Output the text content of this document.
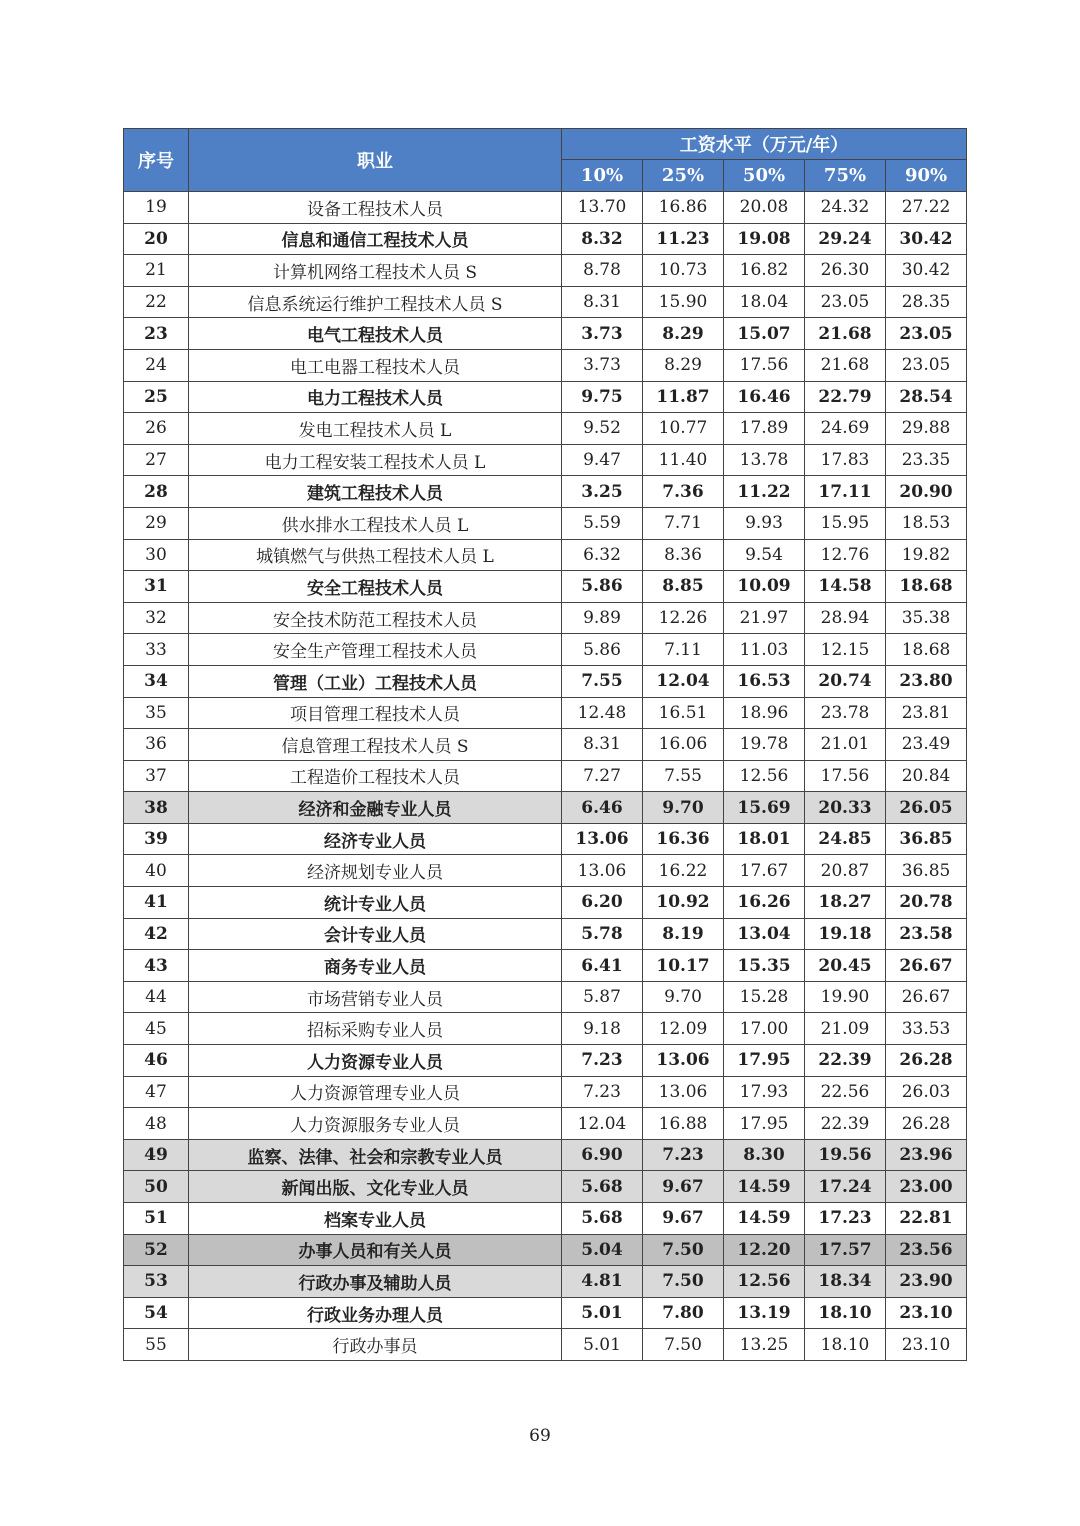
序号	职业	工资水平（万元/年）				
		10%	25%	50%	75%	90%
19	设备工程技术人员	13.70	16.86	20.08	24.32	27.22
20	信息和通信工程技术人员	8.32	11.23	19.08	29.24	30.42
21	计算机网络工程技术人员 S	8.78	10.73	16.82	26.30	30.42
22	信息系统运行维护工程技术人员 S	8.31	15.90	18.04	23.05	28.35
23	电气工程技术人员	3.73	8.29	15.07	21.68	23.05
24	电工电器工程技术人员	3.73	8.29	17.56	21.68	23.05
25	电力工程技术人员	9.75	11.87	16.46	22.79	28.54
26	发电工程技术人员 L	9.52	10.77	17.89	24.69	29.88
27	电力工程安装工程技术人员 L	9.47	11.40	13.78	17.83	23.35
28	建筑工程技术人员	3.25	7.36	11.22	17.11	20.90
29	供水排水工程技术人员 L	5.59	7.71	9.93	15.95	18.53
30	城镇燃气与供热工程技术人员 L	6.32	8.36	9.54	12.76	19.82
31	安全工程技术人员	5.86	8.85	10.09	14.58	18.68
32	安全技术防范工程技术人员	9.89	12.26	21.97	28.94	35.38
33	安全生产管理工程技术人员	5.86	7.11	11.03	12.15	18.68
34	管理（工业）工程技术人员	7.55	12.04	16.53	20.74	23.80
35	项目管理工程技术人员	12.48	16.51	18.96	23.78	23.81
36	信息管理工程技术人员 S	8.31	16.06	19.78	21.01	23.49
37	工程造价工程技术人员	7.27	7.55	12.56	17.56	20.84
38	经济和金融专业人员	6.46	9.70	15.69	20.33	26.05
39	经济专业人员	13.06	16.36	18.01	24.85	36.85
40	经济规划专业人员	13.06	16.22	17.67	20.87	36.85
41	统计专业人员	6.20	10.92	16.26	18.27	20.78
42	会计专业人员	5.78	8.19	13.04	19.18	23.58
43	商务专业人员	6.41	10.17	15.35	20.45	26.67
44	市场营销专业人员	5.87	9.70	15.28	19.90	26.67
45	招标采购专业人员	9.18	12.09	17.00	21.09	33.53
46	人力资源专业人员	7.23	13.06	17.95	22.39	26.28
47	人力资源管理专业人员	7.23	13.06	17.93	22.56	26.03
48	人力资源服务专业人员	12.04	16.88	17.95	22.39	26.28
49	监察、法律、社会和宗教专业人员	6.90	7.23	8.30	19.56	23.96
50	新闻出版、文化专业人员	5.68	9.67	14.59	17.24	23.00
51	档案专业人员	5.68	9.67	14.59	17.23	22.81
52	办事人员和有关人员	5.04	7.50	12.20	17.57	23.56
53	行政办事及辅助人员	4.81	7.50	12.56	18.34	23.90
54	行政业务办理人员	5.01	7.80	13.19	18.10	23.10
55	行政办事员	5.01	7.50	13.25	18.10	23.10
69
